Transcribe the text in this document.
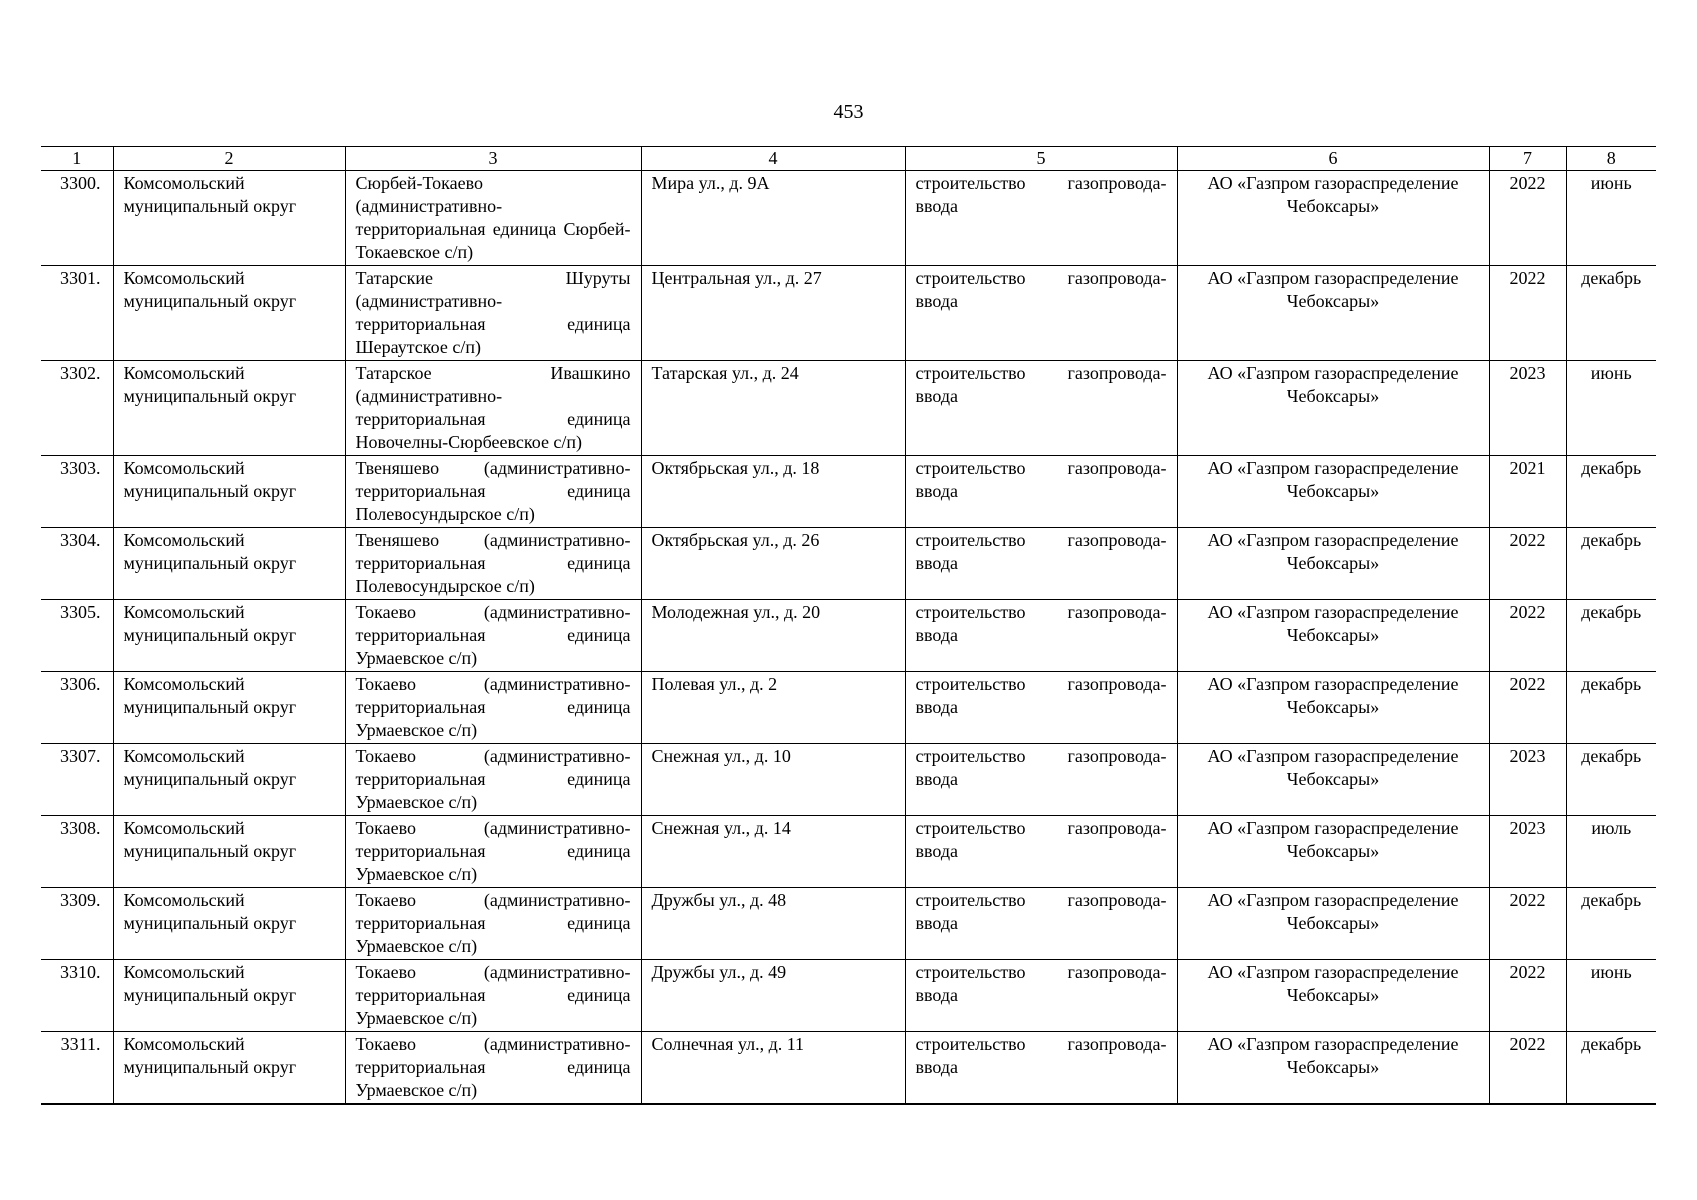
453
1	2	3	4	5	6	7	8
3300.	Комсомольский муниципальный округ	Сюрбей-Токаево (административно-территориальная единица Сюрбей-Токаевское с/п)	Мира ул., д. 9А	строительство газопровода-ввода	АО «Газпром газораспределение Чебоксары»	2022	июнь
3301.	Комсомольский муниципальный округ	Татарские Шуруты (административно-территориальная единица Шераутское с/п)	Центральная ул., д. 27	строительство газопровода-ввода	АО «Газпром газораспределение Чебоксары»	2022	декабрь
3302.	Комсомольский муниципальный округ	Татарское Ивашкино (административно-территориальная единица Новочелны-Сюрбеевское с/п)	Татарская ул., д. 24	строительство газопровода-ввода	АО «Газпром газораспределение Чебоксары»	2023	июнь
3303.	Комсомольский муниципальный округ	Твеняшево (административно-территориальная единица Полевосундырское с/п)	Октябрьская ул., д. 18	строительство газопровода-ввода	АО «Газпром газораспределение Чебоксары»	2021	декабрь
3304.	Комсомольский муниципальный округ	Твеняшево (административно-территориальная единица Полевосундырское с/п)	Октябрьская ул., д. 26	строительство газопровода-ввода	АО «Газпром газораспределение Чебоксары»	2022	декабрь
3305.	Комсомольский муниципальный округ	Токаево (административно-территориальная единица Урмаевское с/п)	Молодежная ул., д. 20	строительство газопровода-ввода	АО «Газпром газораспределение Чебоксары»	2022	декабрь
3306.	Комсомольский муниципальный округ	Токаево (административно-территориальная единица Урмаевское с/п)	Полевая ул., д. 2	строительство газопровода-ввода	АО «Газпром газораспределение Чебоксары»	2022	декабрь
3307.	Комсомольский муниципальный округ	Токаево (административно-территориальная единица Урмаевское с/п)	Снежная ул., д. 10	строительство газопровода-ввода	АО «Газпром газораспределение Чебоксары»	2023	декабрь
3308.	Комсомольский муниципальный округ	Токаево (административно-территориальная единица Урмаевское с/п)	Снежная ул., д. 14	строительство газопровода-ввода	АО «Газпром газораспределение Чебоксары»	2023	июль
3309.	Комсомольский муниципальный округ	Токаево (административно-территориальная единица Урмаевское с/п)	Дружбы ул., д. 48	строительство газопровода-ввода	АО «Газпром газораспределение Чебоксары»	2022	декабрь
3310.	Комсомольский муниципальный округ	Токаево (административно-территориальная единица Урмаевское с/п)	Дружбы ул., д. 49	строительство газопровода-ввода	АО «Газпром газораспределение Чебоксары»	2022	июнь
3311.	Комсомольский муниципальный округ	Токаево (административно-территориальная единица Урмаевское с/п)	Солнечная ул., д. 11	строительство газопровода-ввода	АО «Газпром газораспределение Чебоксары»	2022	декабрь
